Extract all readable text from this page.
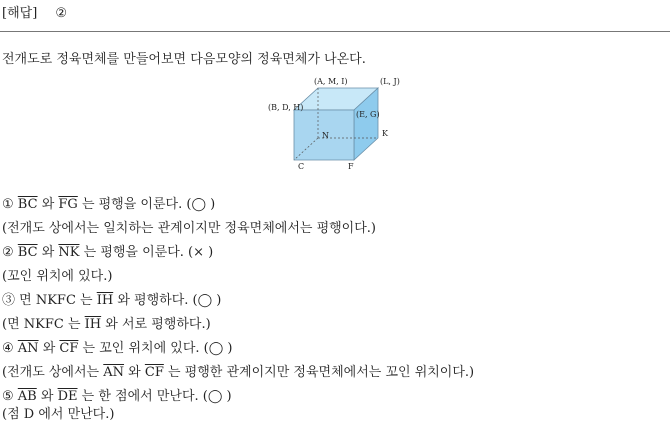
[해답] ②
전개도로 정육면체를 만들어보면 다음모양의 정육면체가 나온다.
(A, M, I)	(L, J)
(B, D, H)
(E, G)
N	K
C	F
① $\overline{BC}$ 와 $\overline{FG}$ 는 평행을 이룬다. (◯ )
(전개도 상에서는 일치하는 관계이지만 정육면체에서는 평행이다.)
② $\overline{BC}$ 와 $\overline{NK}$ 는 평행을 이룬다. (× )
(꼬인 위치에 있다.)
③ 면 NKFC 는 $\overline{IH}$ 와 평행하다. (◯ )
(면 NKFC 는 $\overline{IH}$ 와 서로 평행하다.)
④ $\overline{AN}$ 와 $\overline{CF}$ 는 꼬인 위치에 있다. (◯ )
(전개도 상에서는 $\overline{AN}$ 와 $\overline{CF}$ 는 평행한 관계이지만 정육면체에서는 꼬인 위치이다.)
⑤ $\overline{AB}$ 와 $\overline{DE}$ 는 한 점에서 만난다. (◯ )
(점 D 에서 만난다.)
